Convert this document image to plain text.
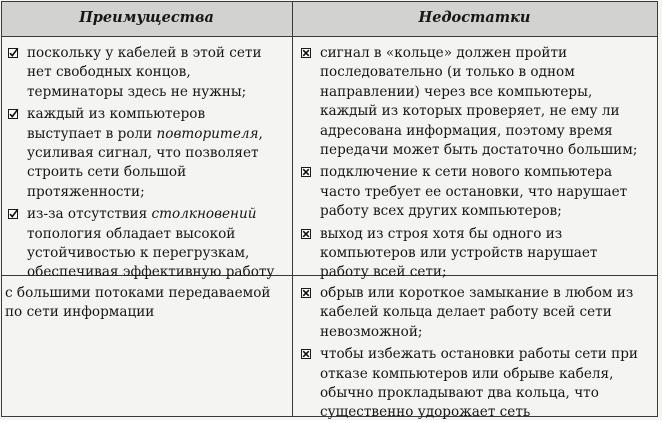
Преимущества	Недостатки
поскольку у кабелей в этой сети
нет свободных концов,
терминаторы здесь не нужны;
каждый из компьютеров
выступает в роли повторителя,
усиливая сигнал, что позволяет
строить сети большой
протяженности;
из-за отсутствия столкновений
топология обладает высокой
устойчивостью к перегрузкам,
обеспечивая эффективную работу

с большими потоками передаваемой

по сети информации

сигнал в «кольце» должен пройти
последовательно (и только в одном
направлении) через все компьютеры,
каждый из которых проверяет, не ему ли
адресована информация, поэтому время
передачи может быть достаточно большим;
подключение к сети нового компьютера
часто требует ее остановки, что нарушает
работу всех других компьютеров;
выход из строя хотя бы одного из
компьютеров или устройств нарушает
работу всей сети;
обрыв или короткое замыкание в любом из
кабелей кольца делает работу всей сети
невозможной;
чтобы избежать остановки работы сети при
отказе компьютеров или обрыве кабеля,
обычно прокладывают два кольца, что
существенно удорожает сеть
